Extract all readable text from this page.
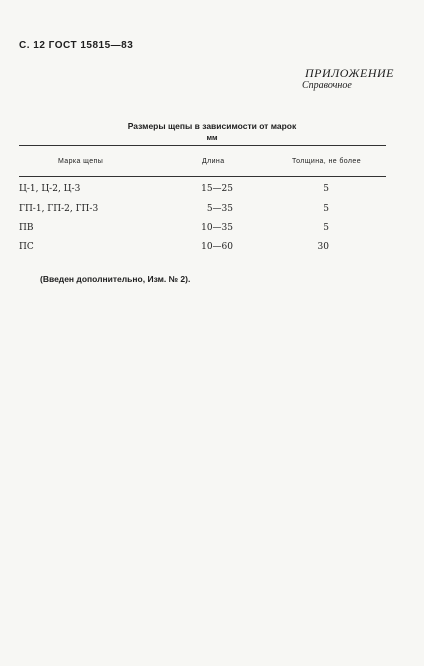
С. 12 ГОСТ 15815—83
ПРИЛОЖЕНИЕ
Справочное
Размеры щепы в зависимости от марок
мм
Марка щепы	Длина	Толщина, не более
Ц-1, Ц-2, Ц-3	15—25	5
ГП-1, ГП-2, ГП-3	5—35	5
ПВ	10—35	5
ПС	10—60	30
(Введен дополнительно, Изм. № 2).
